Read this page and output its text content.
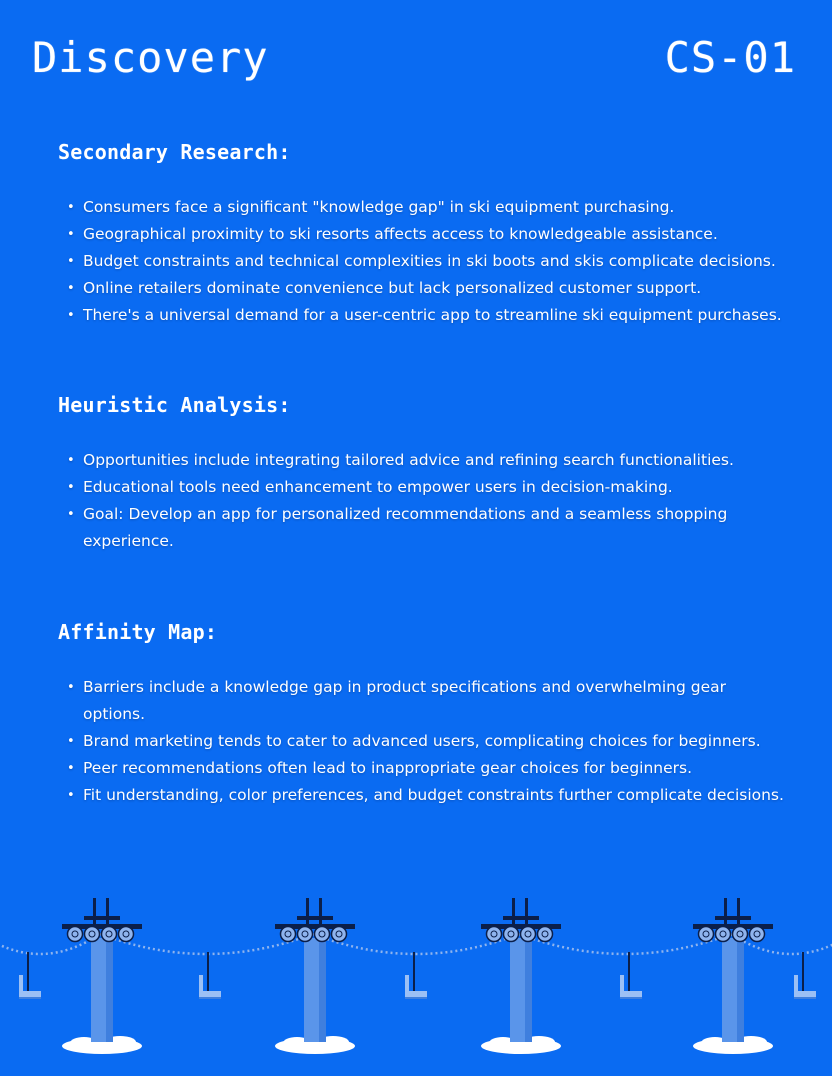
Discovery	CS-01
Secondary Research:
• Consumers face a significant "knowledge gap" in ski equipment purchasing.
• Geographical proximity to ski resorts affects access to knowledgeable assistance.
• Budget constraints and technical complexities in ski boots and skis complicate decisions.
• Online retailers dominate convenience but lack personalized customer support.
• There's a universal demand for a user-centric app to streamline ski equipment purchases.
Heuristic Analysis:
• Opportunities include integrating tailored advice and refining search functionalities.
• Educational tools need enhancement to empower users in decision-making.
• Goal: Develop an app for personalized recommendations and a seamless shopping experience.
Affinity Map:
• Barriers include a knowledge gap in product specifications and overwhelming gear options.
• Brand marketing tends to cater to advanced users, complicating choices for beginners.
• Peer recommendations often lead to inappropriate gear choices for beginners.
• Fit understanding, color preferences, and budget constraints further complicate decisions.
